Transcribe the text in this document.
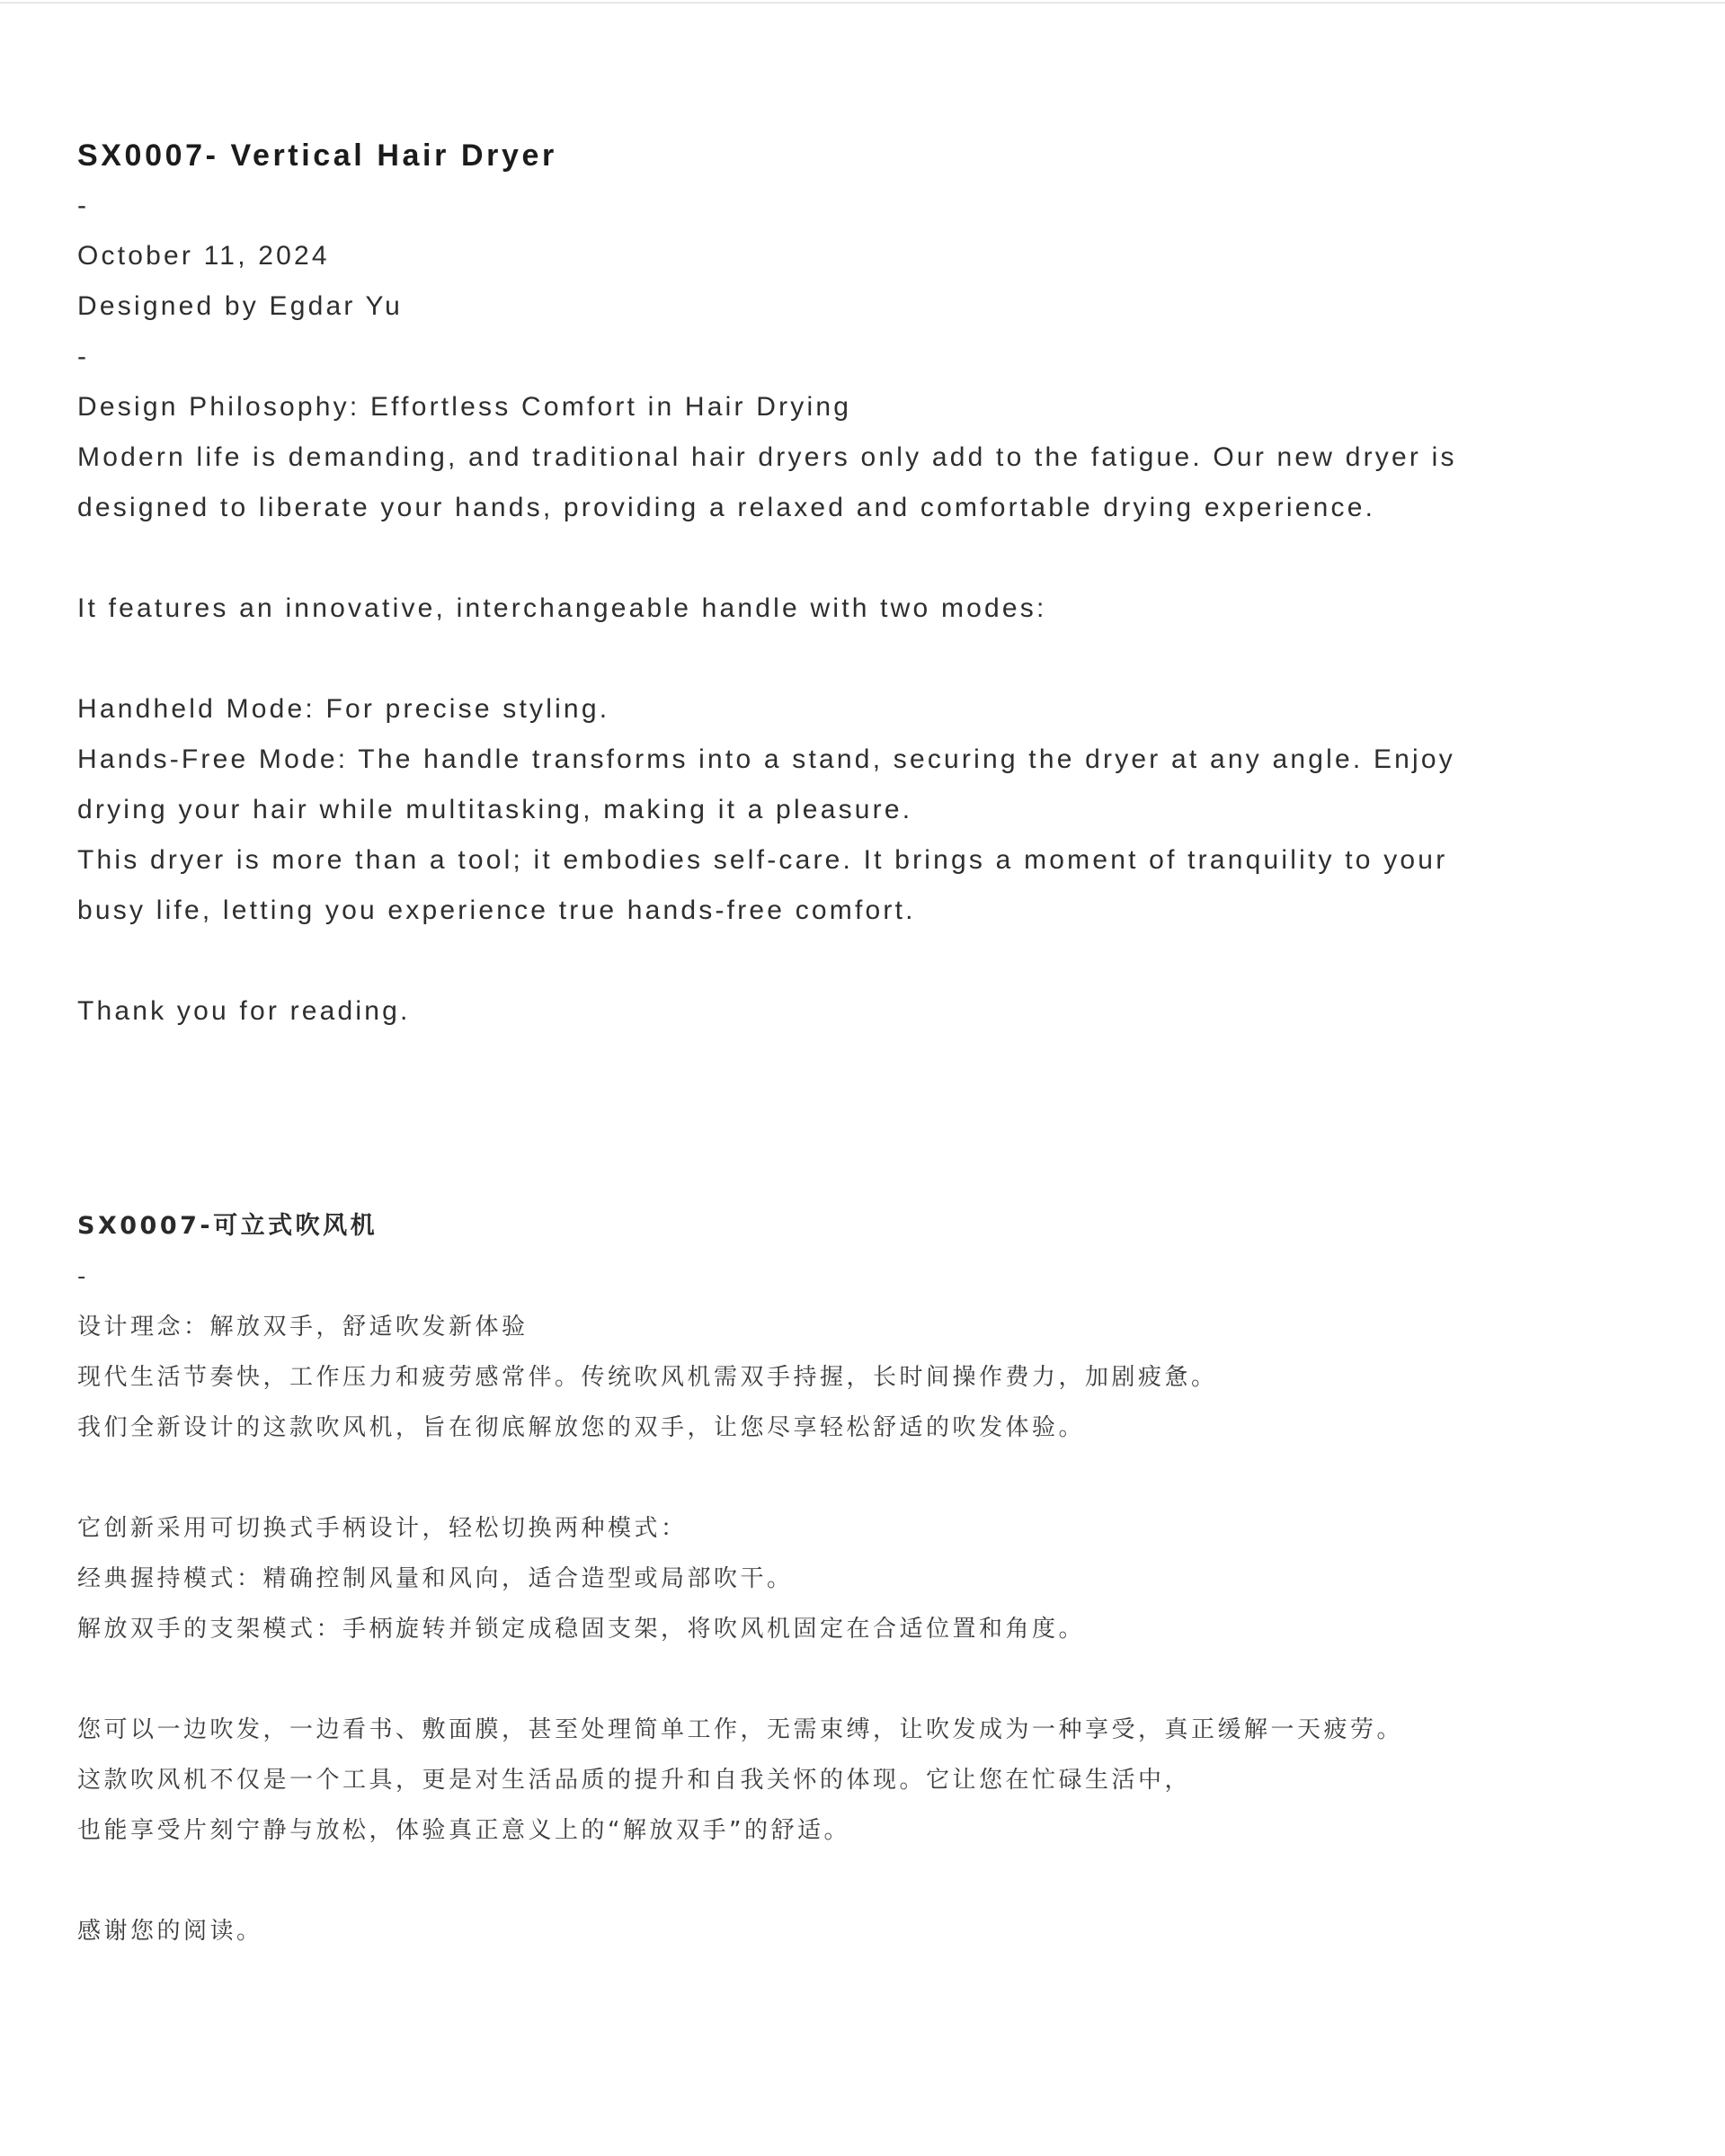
SX0007- Vertical Hair Dryer

-

October 11, 2024

Designed by Egdar Yu

-

Design Philosophy: Effortless Comfort in Hair Drying

Modern life is demanding, and traditional hair dryers only add to the fatigue. Our new dryer is

designed to liberate your hands, providing a relaxed and comfortable drying experience.

It features an innovative, interchangeable handle with two modes:

Handheld Mode: For precise styling.

Hands-Free Mode: The handle transforms into a stand, securing the dryer at any angle. Enjoy

drying your hair while multitasking, making it a pleasure.

This dryer is more than a tool; it embodies self-care. It brings a moment of tranquility to your

busy life, letting you experience true hands-free comfort.

Thank you for reading.

SX0007-可立式吹风机

-

设计理念：解放双手，舒适吹发新体验

现代生活节奏快，工作压力和疲劳感常伴。传统吹风机需双手持握，长时间操作费力，加剧疲惫。

我们全新设计的这款吹风机，旨在彻底解放您的双手，让您尽享轻松舒适的吹发体验。

它创新采用可切换式手柄设计，轻松切换两种模式：

经典握持模式：精确控制风量和风向，适合造型或局部吹干。

解放双手的支架模式：手柄旋转并锁定成稳固支架，将吹风机固定在合适位置和角度。

您可以一边吹发，一边看书、敷面膜，甚至处理简单工作，无需束缚，让吹发成为一种享受，真正缓解一天疲劳。

这款吹风机不仅是一个工具，更是对生活品质的提升和自我关怀的体现。它让您在忙碌生活中，

也能享受片刻宁静与放松，体验真正意义上的“解放双手”的舒适。

感谢您的阅读。
